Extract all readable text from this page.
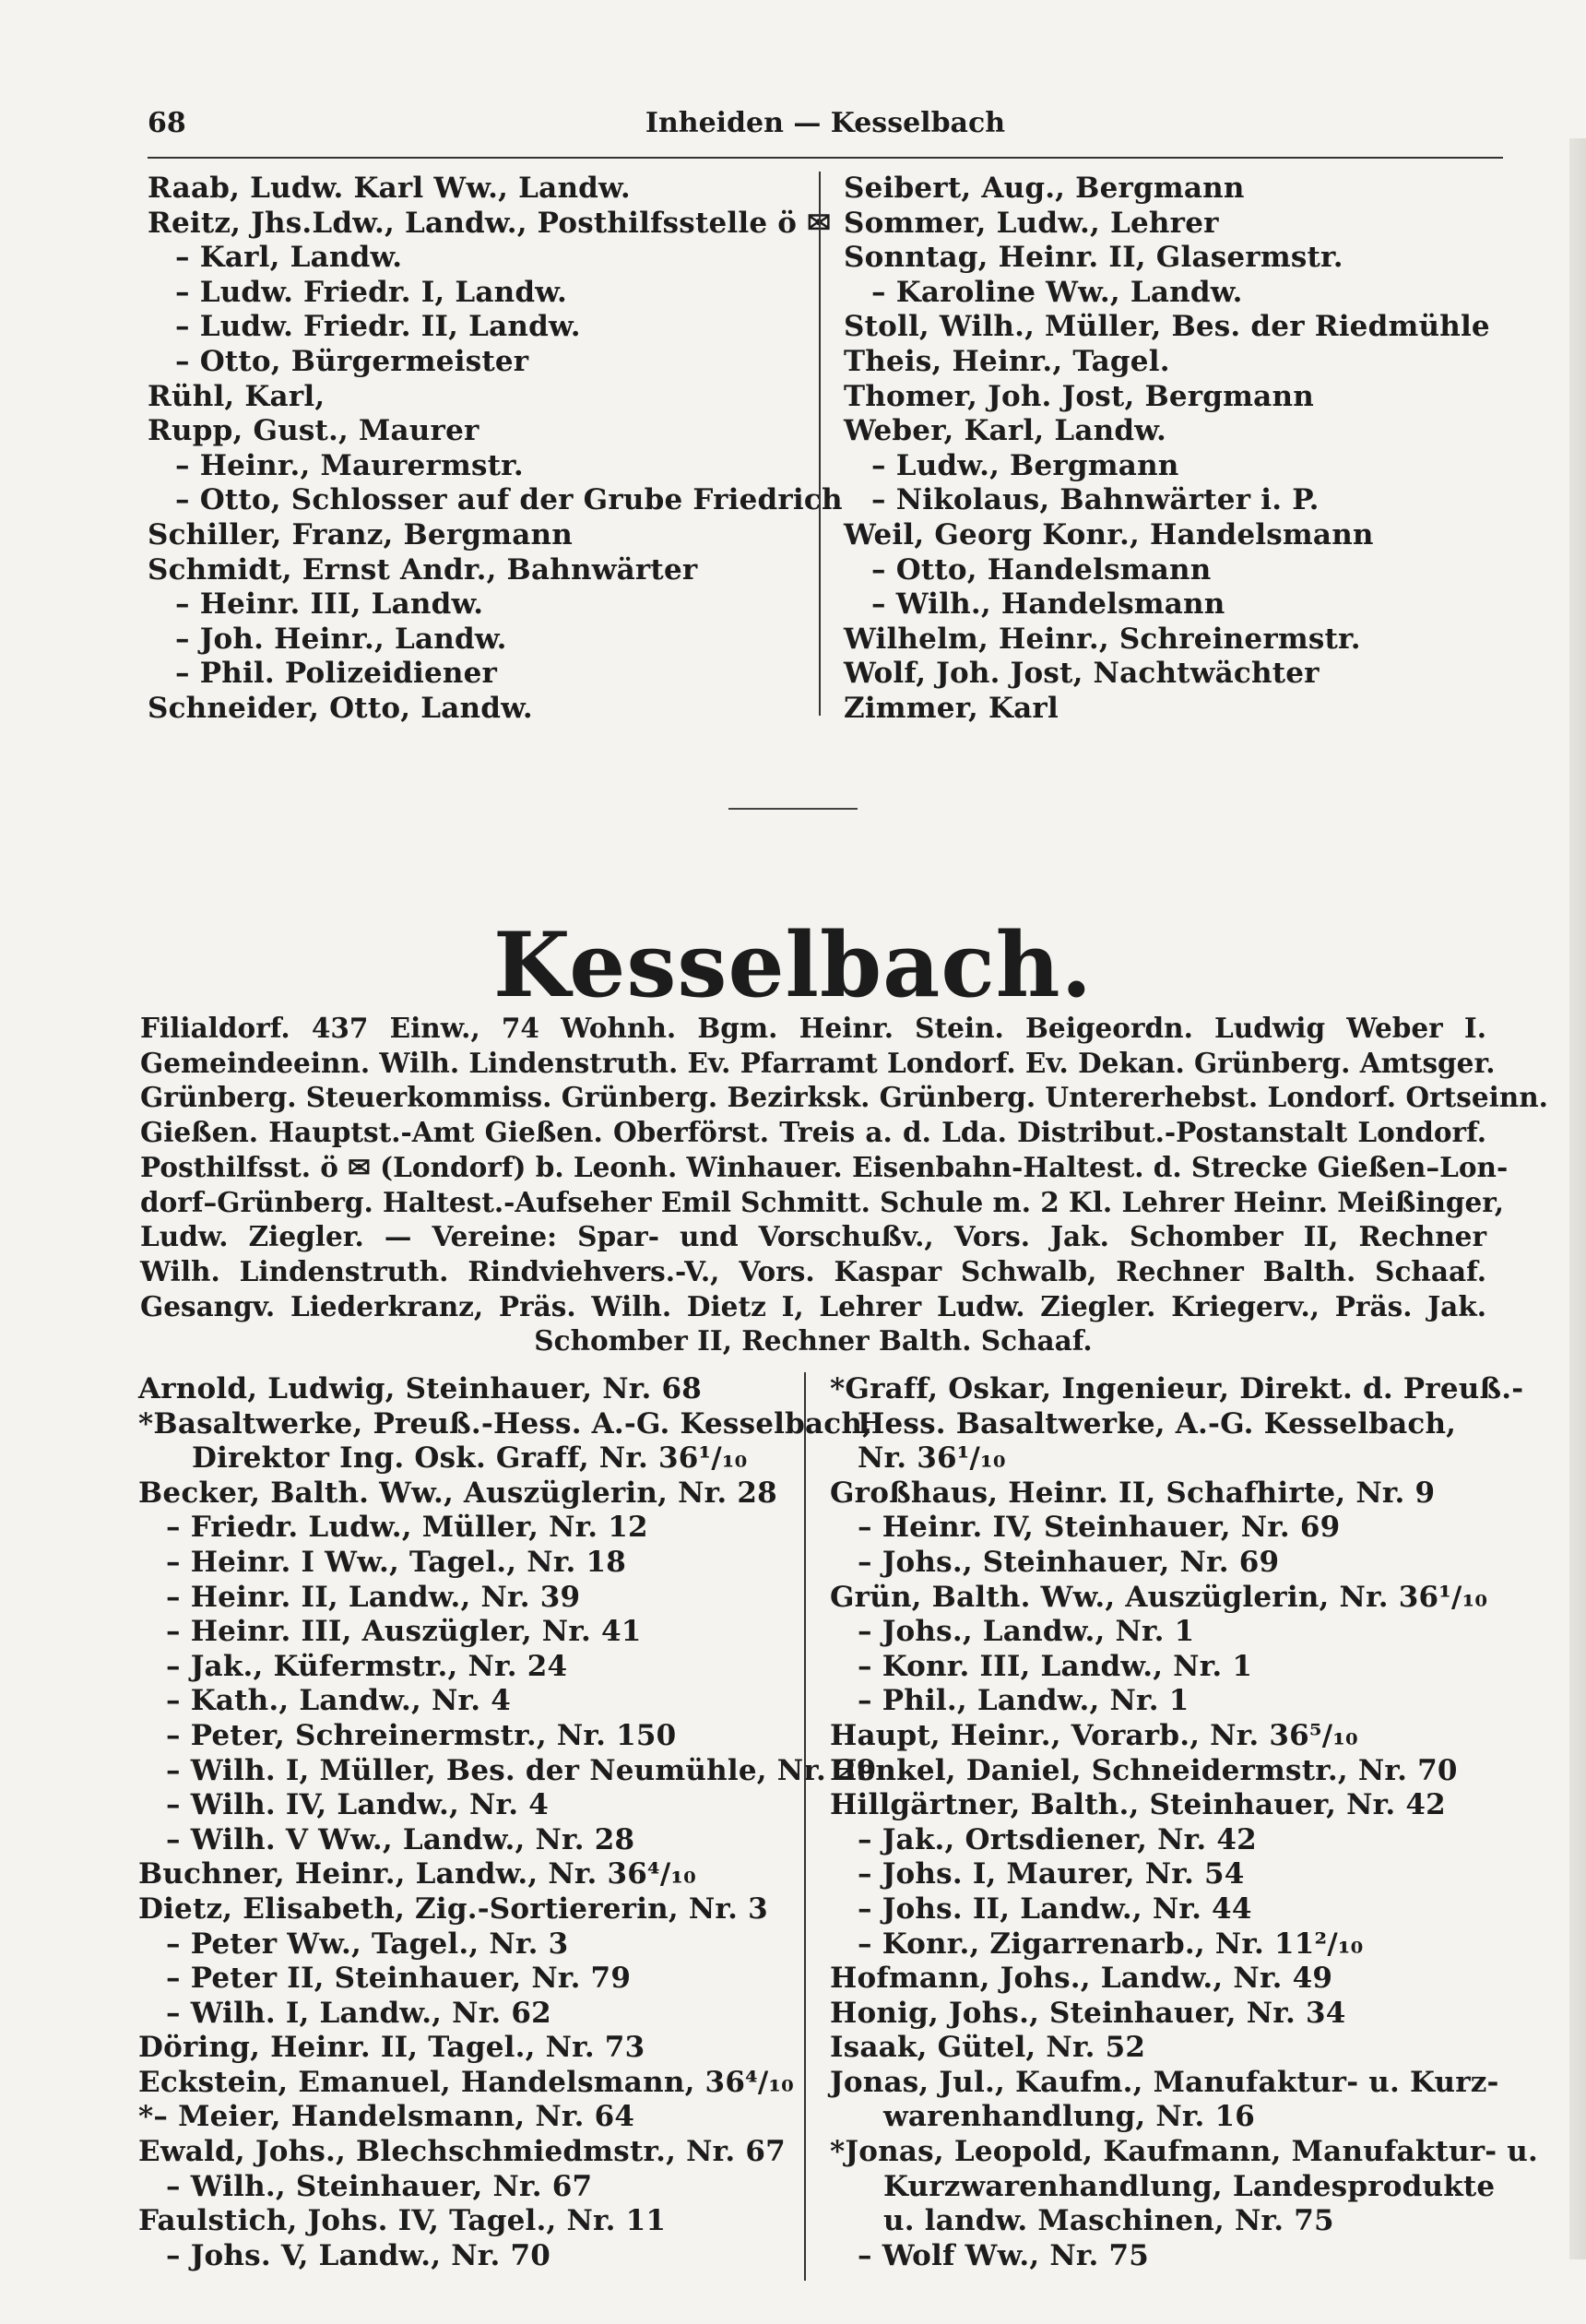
68	Inheiden — Kesselbach
Raab, Ludw. Karl Ww., Landw.
Reitz, Jhs.Ldw., Landw., Posthilfsstelle ö ✉
– Karl, Landw.
– Ludw. Friedr. I, Landw.
– Ludw. Friedr. II, Landw.
– Otto, Bürgermeister
Rühl, Karl,
Rupp, Gust., Maurer
– Heinr., Maurermstr.
– Otto, Schlosser auf der Grube Friedrich
Schiller, Franz, Bergmann
Schmidt, Ernst Andr., Bahnwärter
– Heinr. III, Landw.
– Joh. Heinr., Landw.
– Phil. Polizeidiener
Schneider, Otto, Landw.
Seibert, Aug., Bergmann
Sommer, Ludw., Lehrer
Sonntag, Heinr. II, Glasermstr.
– Karoline Ww., Landw.
Stoll, Wilh., Müller, Bes. der Riedmühle
Theis, Heinr., Tagel.
Thomer, Joh. Jost, Bergmann
Weber, Karl, Landw.
– Ludw., Bergmann
– Nikolaus, Bahnwärter i. P.
Weil, Georg Konr., Handelsmann
– Otto, Handelsmann
– Wilh., Handelsmann
Wilhelm, Heinr., Schreinermstr.
Wolf, Joh. Jost, Nachtwächter
Zimmer, Karl
Kesselbach.
Filialdorf. 437 Einw., 74 Wohnh. Bgm. Heinr. Stein. Beigeordn. Ludwig Weber I.
Gemeindeeinn. Wilh. Lindenstruth. Ev. Pfarramt Londorf. Ev. Dekan. Grünberg. Amtsger.
Grünberg. Steuerkommiss. Grünberg. Bezirksk. Grünberg. Untererhebst. Londorf. Ortseinn.
Gießen. Hauptst.-Amt Gießen. Oberförst. Treis a. d. Lda. Distribut.-Postanstalt Londorf.
Posthilfsst. ö ✉ (Londorf) b. Leonh. Winhauer. Eisenbahn-Haltest. d. Strecke Gießen–Lon-
dorf–Grünberg. Haltest.-Aufseher Emil Schmitt. Schule m. 2 Kl. Lehrer Heinr. Meißinger,
Ludw. Ziegler. — Vereine: Spar- und Vorschußv., Vors. Jak. Schomber II, Rechner
Wilh. Lindenstruth. Rindviehvers.-V., Vors. Kaspar Schwalb, Rechner Balth. Schaaf.
Gesangv. Liederkranz, Präs. Wilh. Dietz I, Lehrer Ludw. Ziegler. Kriegerv., Präs. Jak.
Schomber II, Rechner Balth. Schaaf.
Arnold, Ludwig, Steinhauer, Nr. 68
*Basaltwerke, Preuß.-Hess. A.-G. Kesselbach,
Direktor Ing. Osk. Graff, Nr. 36¹/₁₀
Becker, Balth. Ww., Auszüglerin, Nr. 28
– Friedr. Ludw., Müller, Nr. 12
– Heinr. I Ww., Tagel., Nr. 18
– Heinr. II, Landw., Nr. 39
– Heinr. III, Auszügler, Nr. 41
– Jak., Küfermstr., Nr. 24
– Kath., Landw., Nr. 4
– Peter, Schreinermstr., Nr. 150
– Wilh. I, Müller, Bes. der Neumühle, Nr. 29
– Wilh. IV, Landw., Nr. 4
– Wilh. V Ww., Landw., Nr. 28
Buchner, Heinr., Landw., Nr. 36⁴/₁₀
Dietz, Elisabeth, Zig.-Sortiererin, Nr. 3
– Peter Ww., Tagel., Nr. 3
– Peter II, Steinhauer, Nr. 79
– Wilh. I, Landw., Nr. 62
Döring, Heinr. II, Tagel., Nr. 73
Eckstein, Emanuel, Handelsmann, 36⁴/₁₀
*– Meier, Handelsmann, Nr. 64
Ewald, Johs., Blechschmiedmstr., Nr. 67
– Wilh., Steinhauer, Nr. 67
Faulstich, Johs. IV, Tagel., Nr. 11
– Johs. V, Landw., Nr. 70
*Graff, Oskar, Ingenieur, Direkt. d. Preuß.-
Hess. Basaltwerke, A.-G. Kesselbach,
Nr. 36¹/₁₀
Großhaus, Heinr. II, Schafhirte, Nr. 9
– Heinr. IV, Steinhauer, Nr. 69
– Johs., Steinhauer, Nr. 69
Grün, Balth. Ww., Auszüglerin, Nr. 36¹/₁₀
– Johs., Landw., Nr. 1
– Konr. III, Landw., Nr. 1
– Phil., Landw., Nr. 1
Haupt, Heinr., Vorarb., Nr. 36⁵/₁₀
Henkel, Daniel, Schneidermstr., Nr. 70
Hillgärtner, Balth., Steinhauer, Nr. 42
– Jak., Ortsdiener, Nr. 42
– Johs. I, Maurer, Nr. 54
– Johs. II, Landw., Nr. 44
– Konr., Zigarrenarb., Nr. 11²/₁₀
Hofmann, Johs., Landw., Nr. 49
Honig, Johs., Steinhauer, Nr. 34
Isaak, Gütel, Nr. 52
Jonas, Jul., Kaufm., Manufaktur- u. Kurz-
warenhandlung, Nr. 16
*Jonas, Leopold, Kaufmann, Manufaktur- u.
Kurzwarenhandlung, Landesprodukte
u. landw. Maschinen, Nr. 75
– Wolf Ww., Nr. 75
